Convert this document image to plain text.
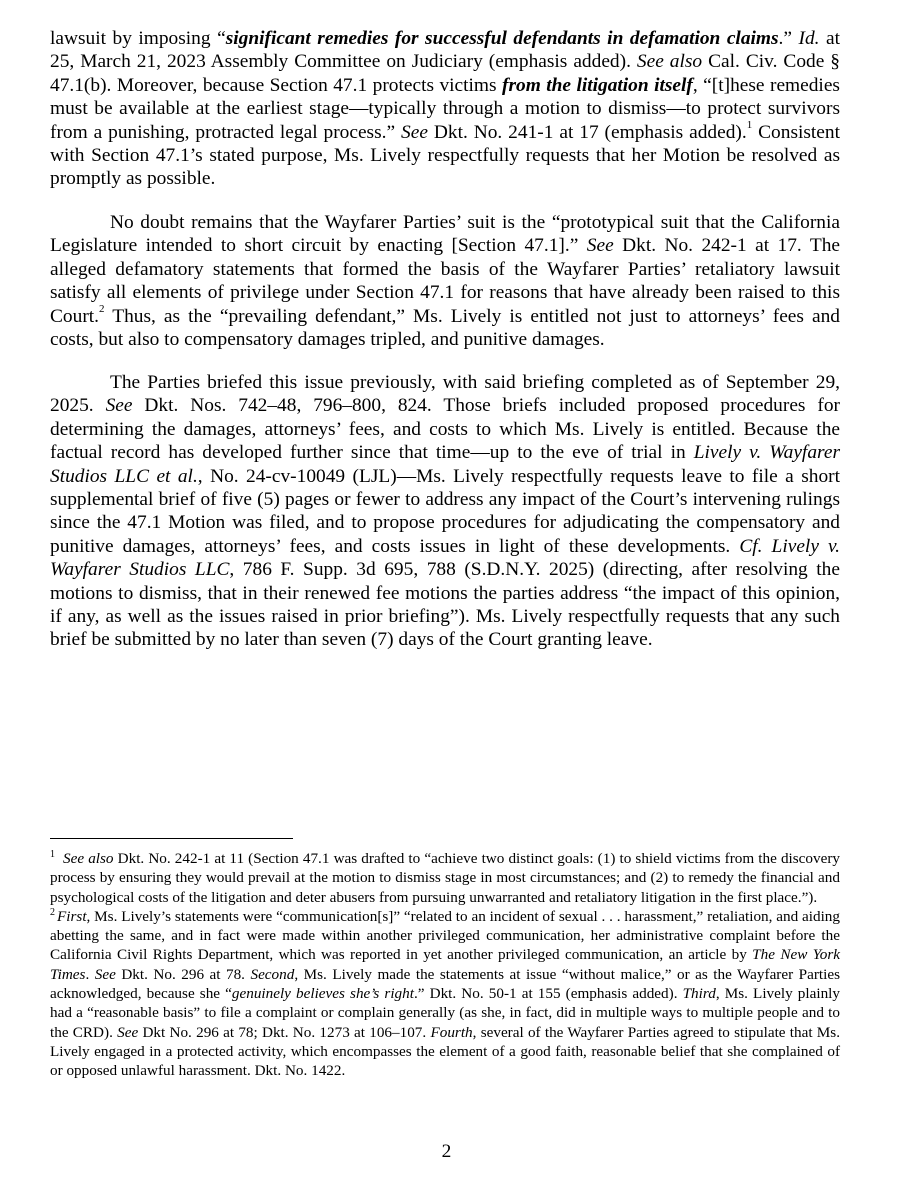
lawsuit by imposing “significant remedies for successful defendants in defamation claims.” Id. at 25, March 21, 2023 Assembly Committee on Judiciary (emphasis added). See also Cal. Civ. Code § 47.1(b). Moreover, because Section 47.1 protects victims from the litigation itself, “[t]hese remedies must be available at the earliest stage—typically through a motion to dismiss—to protect survivors from a punishing, protracted legal process.” See Dkt. No. 241-1 at 17 (emphasis added).$^1$ Consistent with Section 47.1’s stated purpose, Ms. Lively respectfully requests that her Motion be resolved as promptly as possible.

No doubt remains that the Wayfarer Parties’ suit is the “prototypical suit that the California Legislature intended to short circuit by enacting [Section 47.1].” See Dkt. No. 242-1 at 17. The alleged defamatory statements that formed the basis of the Wayfarer Parties’ retaliatory lawsuit satisfy all elements of privilege under Section 47.1 for reasons that have already been raised to this Court.$^2$ Thus, as the “prevailing defendant,” Ms. Lively is entitled not just to attorneys’ fees and costs, but also to compensatory damages tripled, and punitive damages.

The Parties briefed this issue previously, with said briefing completed as of September 29, 2025. See Dkt. Nos. 742–48, 796–800, 824. Those briefs included proposed procedures for determining the damages, attorneys’ fees, and costs to which Ms. Lively is entitled. Because the factual record has developed further since that time—up to the eve of trial in Lively v. Wayfarer Studios LLC et al., No. 24-cv-10049 (LJL)—Ms. Lively respectfully requests leave to file a short supplemental brief of five (5) pages or fewer to address any impact of the Court’s intervening rulings since the 47.1 Motion was filed, and to propose procedures for adjudicating the compensatory and punitive damages, attorneys’ fees, and costs issues in light of these developments. Cf. Lively v. Wayfarer Studios LLC, 786 F. Supp. 3d 695, 788 (S.D.N.Y. 2025) (directing, after resolving the motions to dismiss, that in their renewed fee motions the parties address “the impact of this opinion, if any, as well as the issues raised in prior briefing”). Ms. Lively respectfully requests that any such brief be submitted by no later than seven (7) days of the Court granting leave.

$^1$ See also Dkt. No. 242-1 at 11 (Section 47.1 was drafted to “achieve two distinct goals: (1) to shield victims from the discovery process by ensuring they would prevail at the motion to dismiss stage in most circumstances; and (2) to remedy the financial and psychological costs of the litigation and deter abusers from pursuing unwarranted and retaliatory litigation in the first place.”).

$^2$ First, Ms. Lively’s statements were “communication[s]” “related to an incident of sexual . . . harassment,” retaliation, and aiding abetting the same, and in fact were made within another privileged communication, her administrative complaint before the California Civil Rights Department, which was reported in yet another privileged communication, an article by The New York Times. See Dkt. No. 296 at 78. Second, Ms. Lively made the statements at issue “without malice,” or as the Wayfarer Parties acknowledged, because she “genuinely believes she’s right.” Dkt. No. 50-1 at 155 (emphasis added). Third, Ms. Lively plainly had a “reasonable basis” to file a complaint or complain generally (as she, in fact, did in multiple ways to multiple people and to the CRD). See Dkt No. 296 at 78; Dkt. No. 1273 at 106–107. Fourth, several of the Wayfarer Parties agreed to stipulate that Ms. Lively engaged in a protected activity, which encompasses the element of a good faith, reasonable belief that she complained of or opposed unlawful harassment. Dkt. No. 1422.

2
